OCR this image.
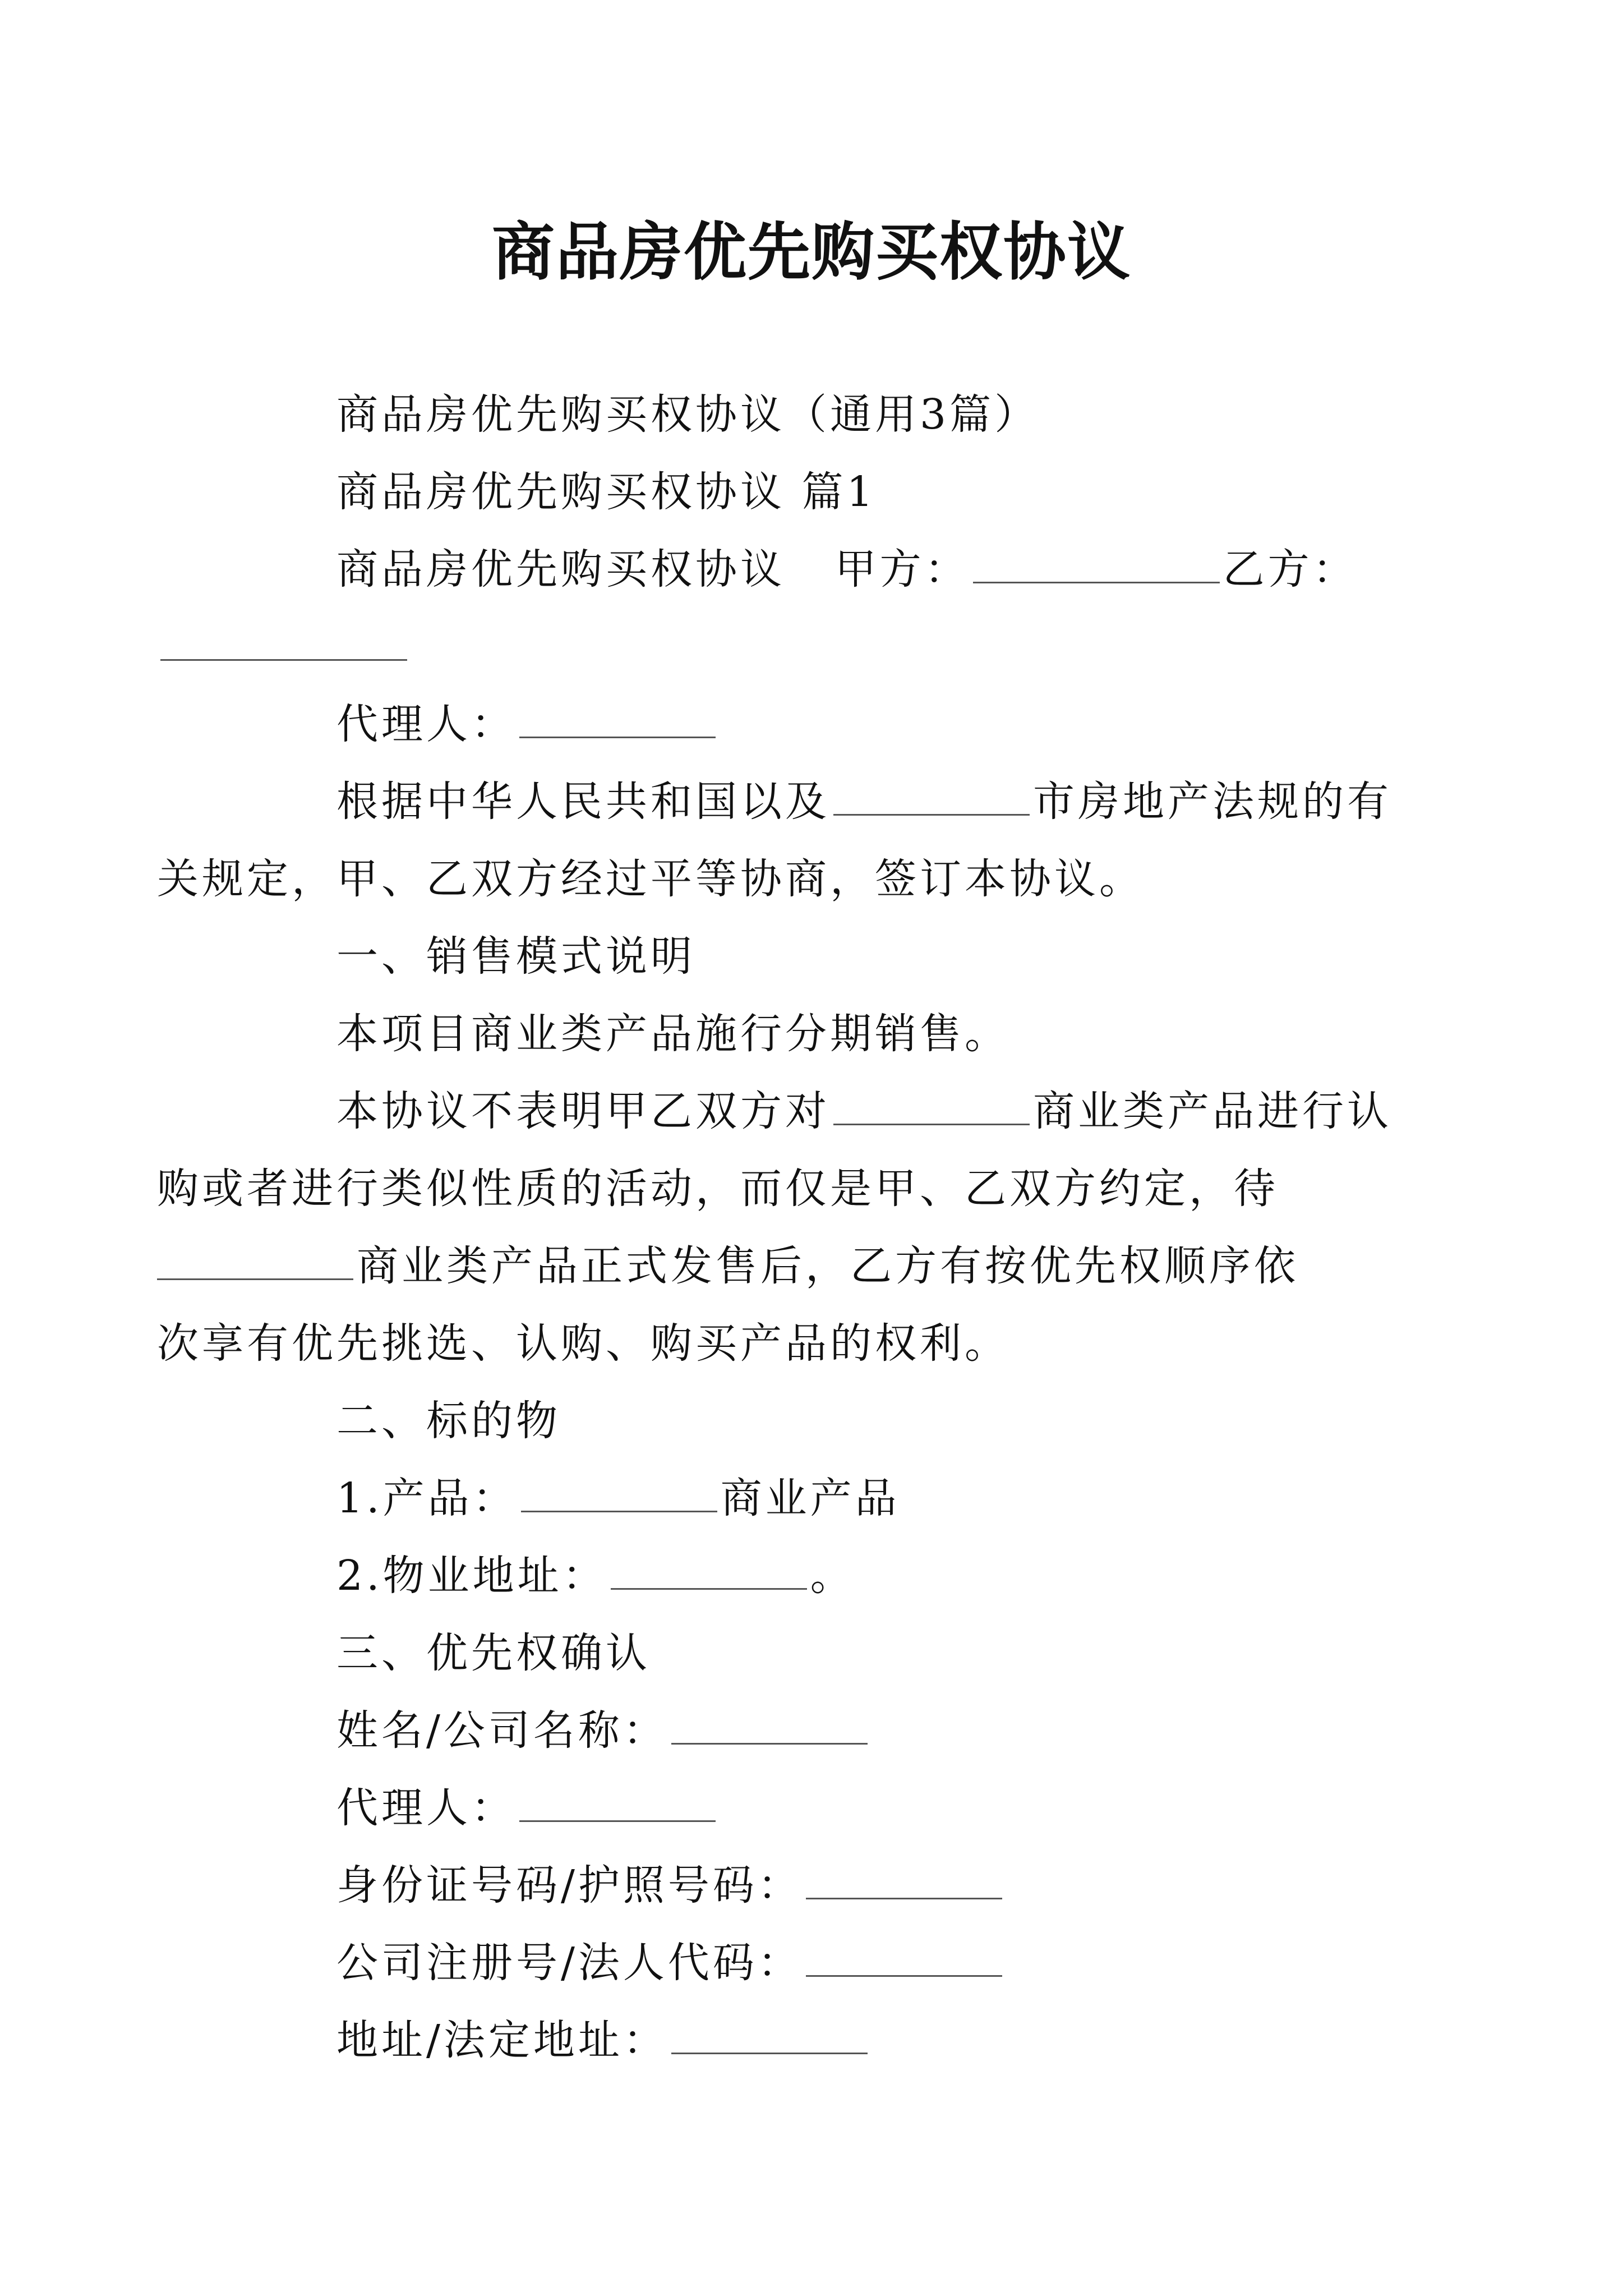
商品房优先购买权协议
商品房优先购买权协议（通用3篇）
商品房优先购买权协议 篇1
商品房优先购买权协议 甲方：	乙方：
代理人：
根据中华人民共和国以及	市房地产法规的有
关规定，甲、乙双方经过平等协商，签订本协议。
一、销售模式说明
本项目商业类产品施行分期销售。
本协议不表明甲乙双方对	商业类产品进行认
购或者进行类似性质的活动，而仅是甲、乙双方约定，待
商业类产品正式发售后，乙方有按优先权顺序依
次享有优先挑选、认购、购买产品的权利。
二、标的物
1.产品：	商业产品
2.物业地址：	。
三、优先权确认
姓名/公司名称：
代理人：
身份证号码/护照号码：
公司注册号/法人代码：
地址/法定地址：
